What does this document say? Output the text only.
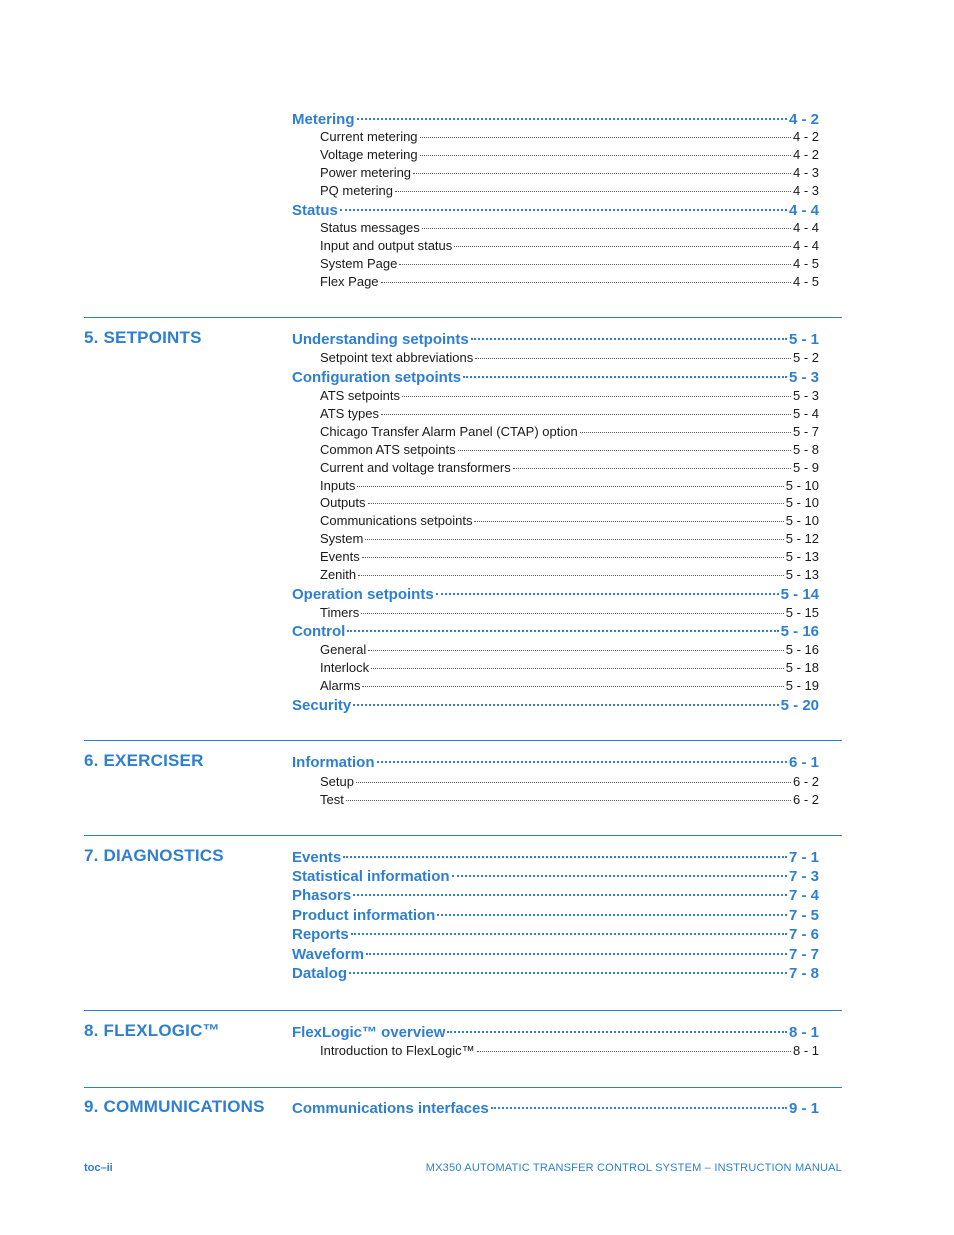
Metering	4 - 2
Current metering	4 - 2
Voltage metering	4 - 2
Power metering	4 - 3
PQ metering	4 - 3
Status	4 - 4
Status messages	4 - 4
Input and output status	4 - 4
System Page	4 - 5
Flex Page	4 - 5
5. SETPOINTS	Understanding setpoints	5 - 1
Setpoint text abbreviations	5 - 2
Configuration setpoints	5 - 3
ATS setpoints	5 - 3
ATS types	5 - 4
Chicago Transfer Alarm Panel (CTAP) option	5 - 7
Common ATS setpoints	5 - 8
Current and voltage transformers	5 - 9
Inputs	5 - 10
Outputs	5 - 10
Communications setpoints	5 - 10
System	5 - 12
Events	5 - 13
Zenith	5 - 13
Operation setpoints	5 - 14
Timers	5 - 15
Control	5 - 16
General	5 - 16
Interlock	5 - 18
Alarms	5 - 19
Security	5 - 20
6. EXERCISER	Information	6 - 1
Setup	6 - 2
Test	6 - 2
7. DIAGNOSTICS	Events	7 - 1
Statistical information	7 - 3
Phasors	7 - 4
Product information	7 - 5
Reports	7 - 6
Waveform	7 - 7
Datalog	7 - 8
8. FLEXLOGIC™	FlexLogic™ overview	8 - 1
Introduction to FlexLogic™	8 - 1
9. COMMUNICATIONS Communications interfaces	9 - 1
toc–ii	MX350 AUTOMATIC TRANSFER CONTROL SYSTEM – INSTRUCTION MANUAL
